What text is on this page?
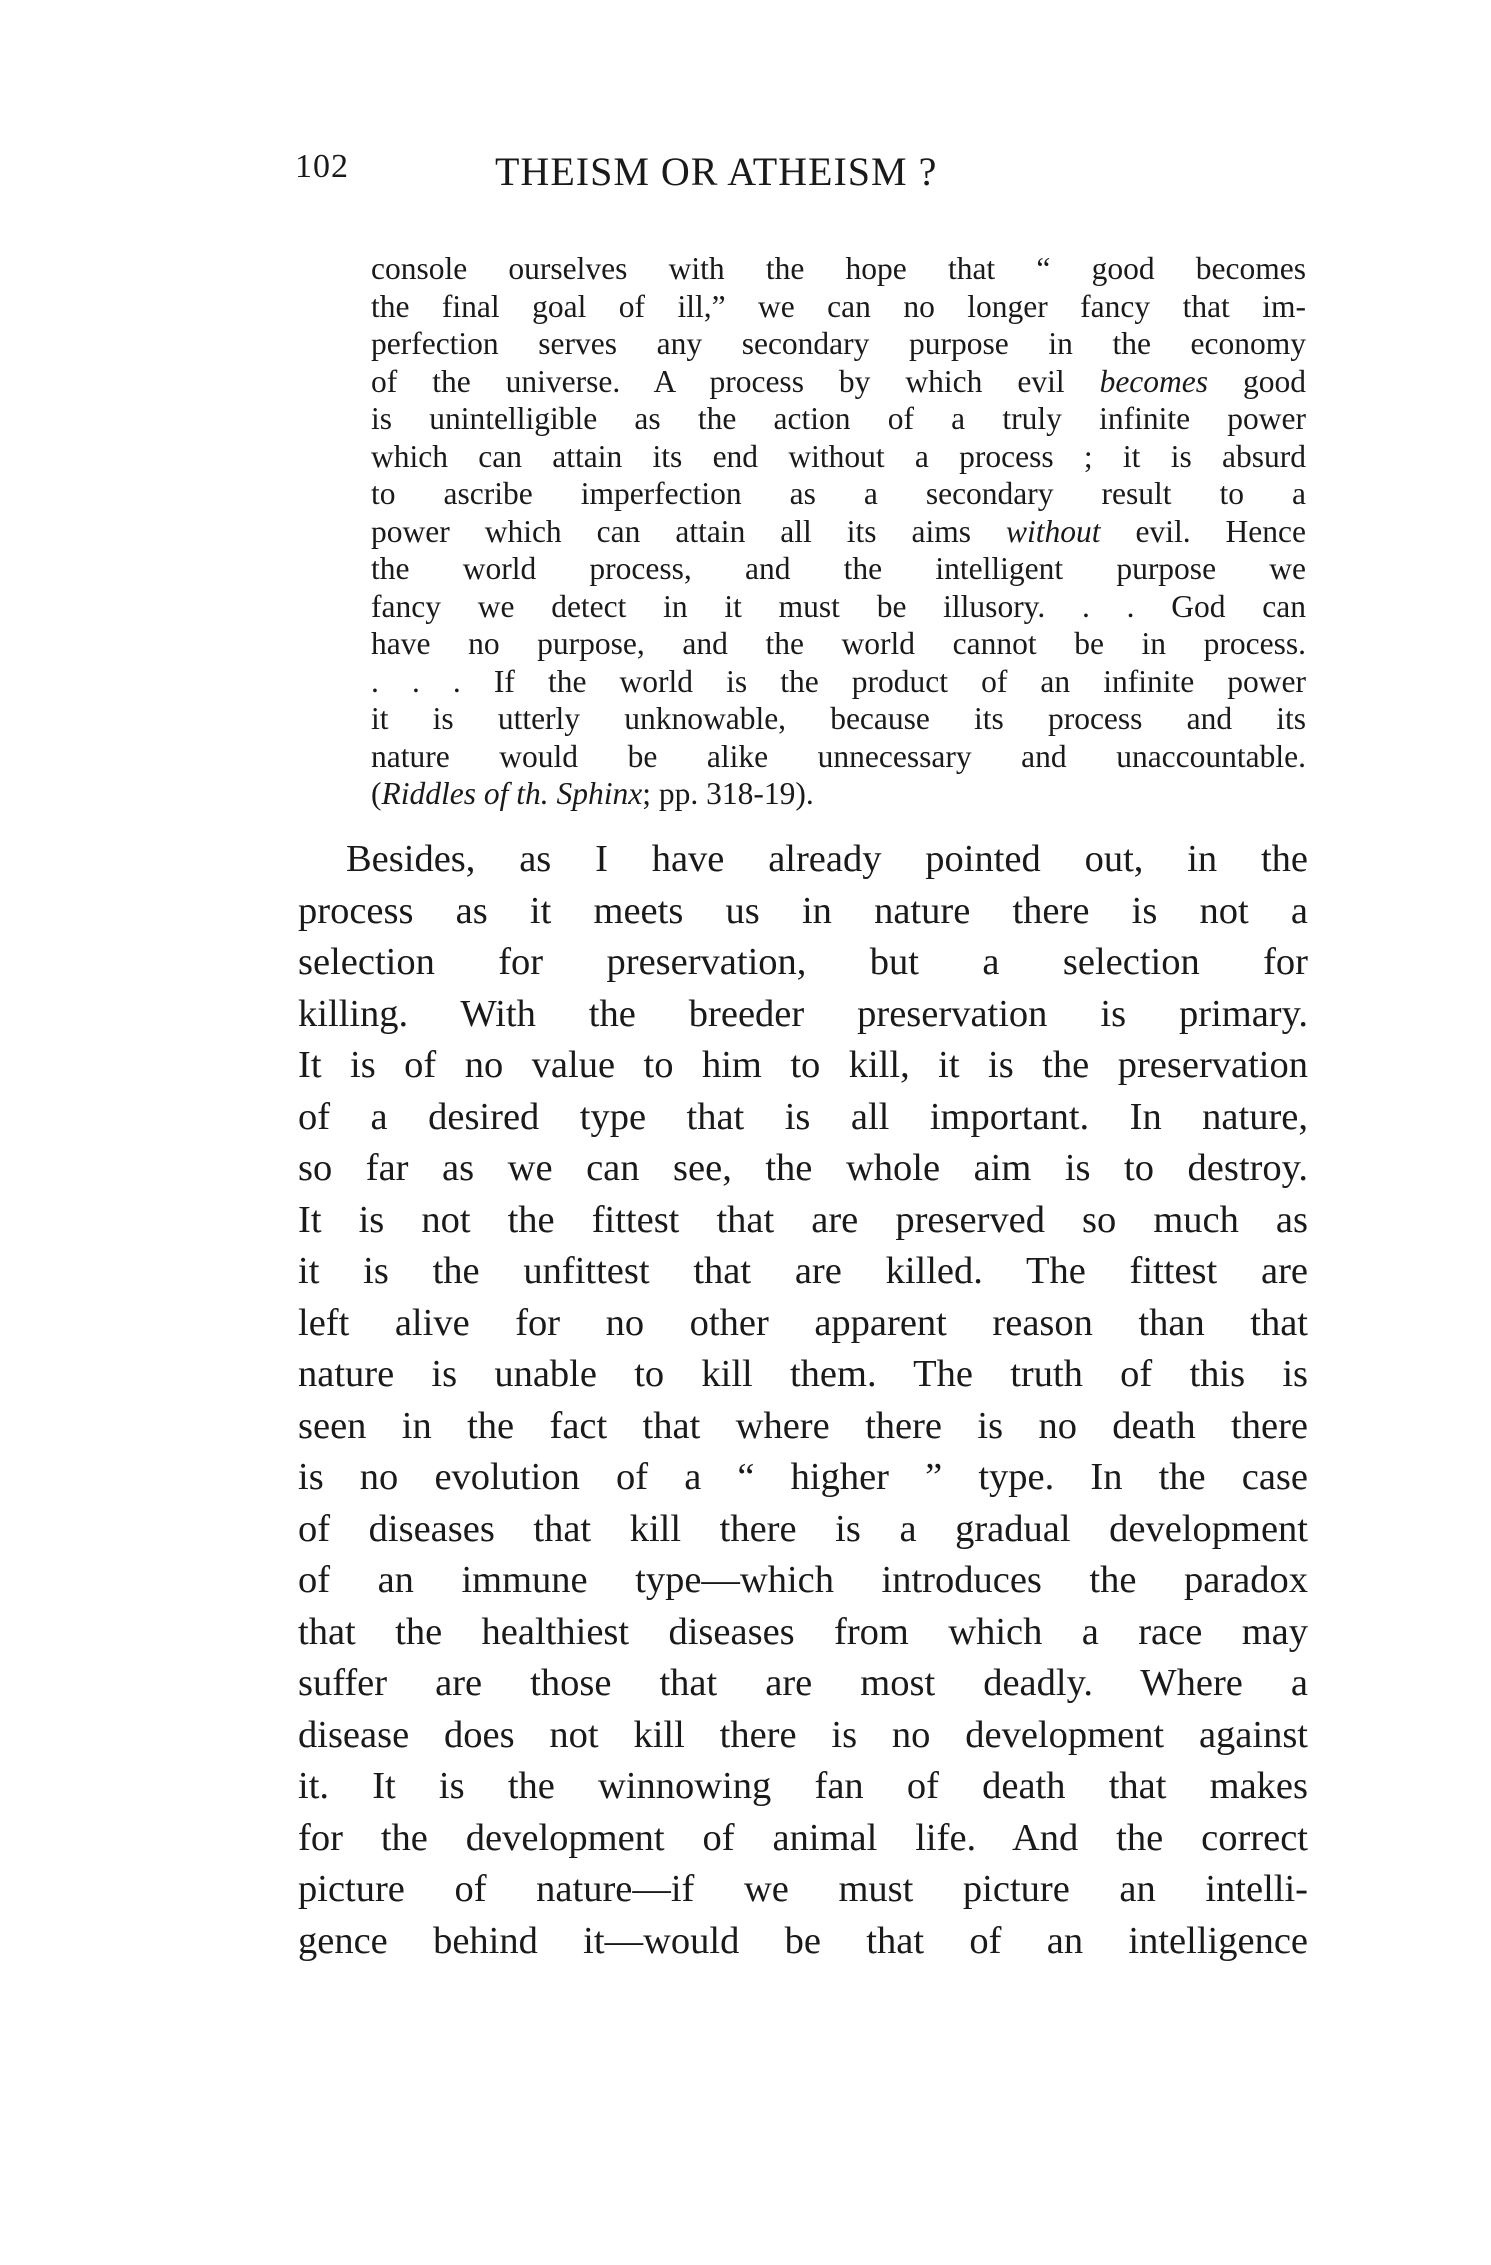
102	THEISM OR ATHEISM ?
console ourselves with the hope that “ good becomes
the final goal of ill,” we can no longer fancy that im-
perfection serves any secondary purpose in the economy
of the universe. A process by which evil becomes good
is unintelligible as the action of a truly infinite power
which can attain its end without a process ; it is absurd
to ascribe imperfection as a secondary result to a
power which can attain all its aims without evil. Hence
the world process, and the intelligent purpose we
fancy we detect in it must be illusory. . . God can
have no purpose, and the world cannot be in process.
. . . If the world is the product of an infinite power
it is utterly unknowable, because its process and its
nature would be alike unnecessary and unaccountable.
(Riddles of th. Sphinx; pp. 318-19).
Besides, as I have already pointed out, in the
process as it meets us in nature there is not a
selection for preservation, but a selection for
killing. With the breeder preservation is primary.
It is of no value to him to kill, it is the preservation
of a desired type that is all important. In nature,
so far as we can see, the whole aim is to destroy.
It is not the fittest that are preserved so much as
it is the unfittest that are killed. The fittest are
left alive for no other apparent reason than that
nature is unable to kill them. The truth of this is
seen in the fact that where there is no death there
is no evolution of a “ higher ” type. In the case
of diseases that kill there is a gradual development
of an immune type—which introduces the paradox
that the healthiest diseases from which a race may
suffer are those that are most deadly. Where a
disease does not kill there is no development against
it. It is the winnowing fan of death that makes
for the development of animal life. And the correct
picture of nature—if we must picture an intelli-
gence behind it—would be that of an intelligence
